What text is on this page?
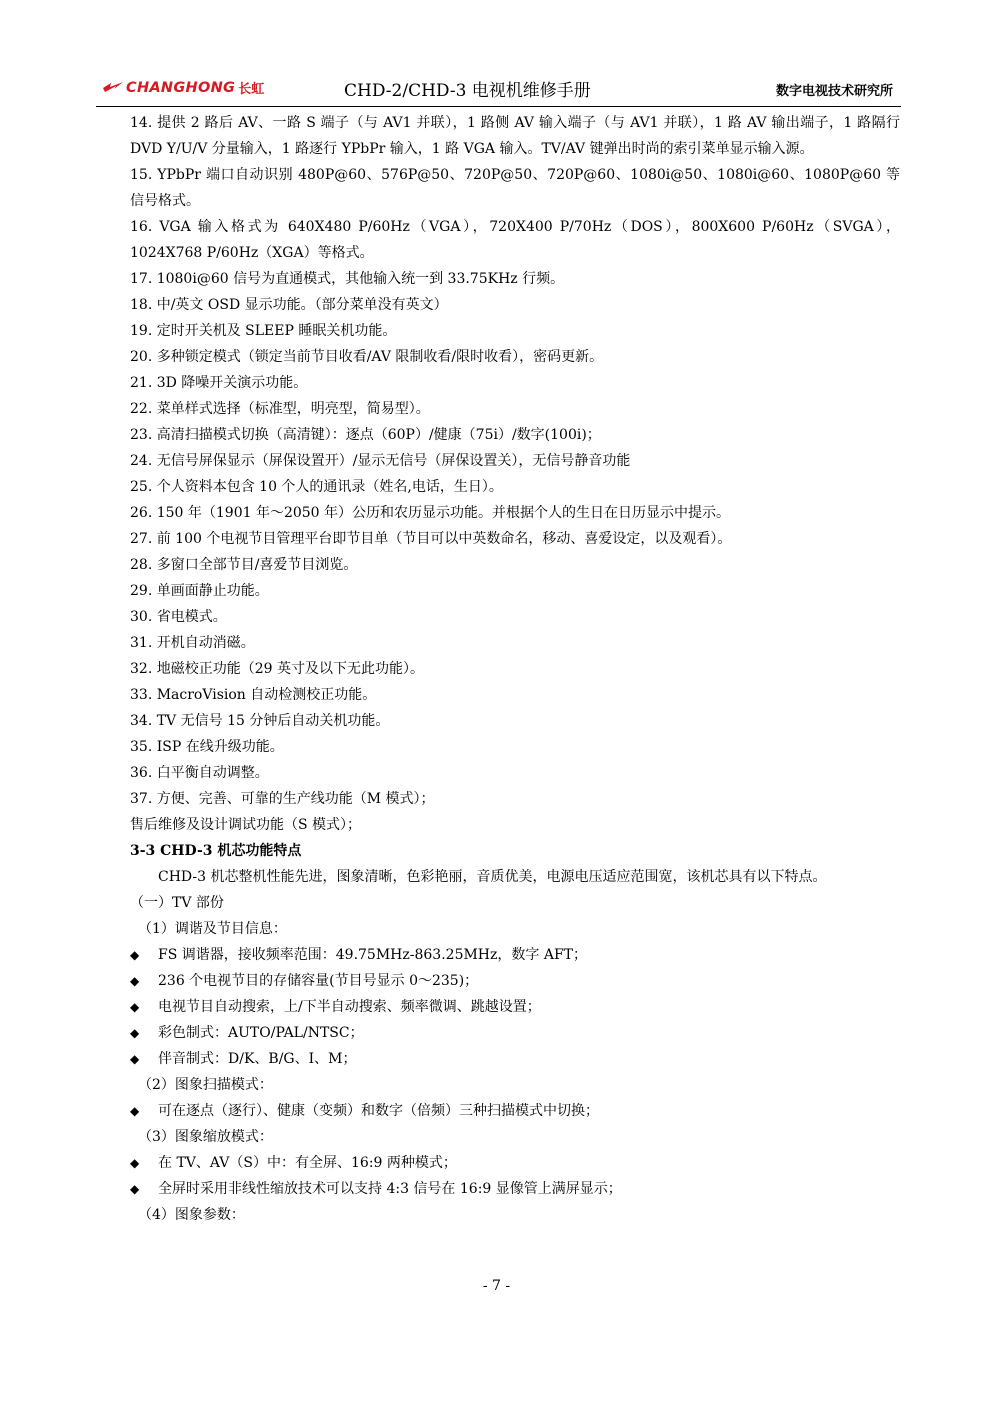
CHANGHONG 长虹	CHD-2/CHD-3 电视机维修手册	数字电视技术研究所

14. 提供 2 路后 AV、一路 S 端子（与 AV1 并联），1 路侧 AV 输入端子（与 AV1 并联），1 路 AV 输出端子，1 路隔行 DVD Y/U/V 分量输入，1 路逐行 YPbPr 输入，1 路 VGA 输入。TV/AV 键弹出时尚的索引菜单显示输入源。

15. YPbPr 端口自动识别 480P@60、576P@50、720P@50、720P@60、1080i@50、1080i@60、1080P@60 等信号格式。

16. VGA 输入格式为 640X480 P/60Hz（VGA），720X400 P/70Hz（DOS），800X600 P/60Hz（SVGA），1024X768 P/60Hz（XGA）等格式。

17. 1080i@60 信号为直通模式，其他输入统一到 33.75KHz 行频。

18. 中/英文 OSD 显示功能。（部分菜单没有英文）

19. 定时开关机及 SLEEP 睡眠关机功能。

20. 多种锁定模式（锁定当前节目收看/AV 限制收看/限时收看），密码更新。

21. 3D 降噪开关演示功能。

22. 菜单样式选择（标准型，明亮型，简易型）。

23. 高清扫描模式切换（高清键）：逐点（60P）/健康（75i）/数字(100i)；

24. 无信号屏保显示（屏保设置开）/显示无信号（屏保设置关），无信号静音功能

25. 个人资料本包含 10 个人的通讯录（姓名,电话，生日）。

26. 150 年（1901 年～2050 年）公历和农历显示功能。并根据个人的生日在日历显示中提示。

27. 前 100 个电视节目管理平台即节目单（节目可以中英数命名，移动、喜爱设定，以及观看）。

28. 多窗口全部节目/喜爱节目浏览。

29. 单画面静止功能。

30. 省电模式。

31. 开机自动消磁。

32. 地磁校正功能（29 英寸及以下无此功能）。

33. MacroVision 自动检测校正功能。

34. TV 无信号 15 分钟后自动关机功能。

35. ISP 在线升级功能。

36. 白平衡自动调整。

37. 方便、完善、可靠的生产线功能（M 模式）；

售后维修及设计调试功能（S 模式）；

3-3 CHD-3 机芯功能特点

CHD-3 机芯整机性能先进，图象清晰，色彩艳丽，音质优美，电源电压适应范围宽，该机芯具有以下特点。

（一）TV 部份

（1）调谐及节目信息：

◆	FS 调谐器，接收频率范围：49.75MHz-863.25MHz，数字 AFT；
◆	236 个电视节目的存储容量(节目号显示 0～235)；
◆	电视节目自动搜索，上/下半自动搜索、频率微调、跳越设置；
◆	彩色制式：AUTO/PAL/NTSC；
◆	伴音制式：D/K、B/G、I、M；

（2）图象扫描模式：

◆	可在逐点（逐行）、健康（变频）和数字（倍频）三种扫描模式中切换；

（3）图象缩放模式：

◆	在 TV、AV（S）中：有全屏、16:9 两种模式；
◆	全屏时采用非线性缩放技术可以支持 4:3 信号在 16:9 显像管上满屏显示；

（4）图象参数：

- 7 -
